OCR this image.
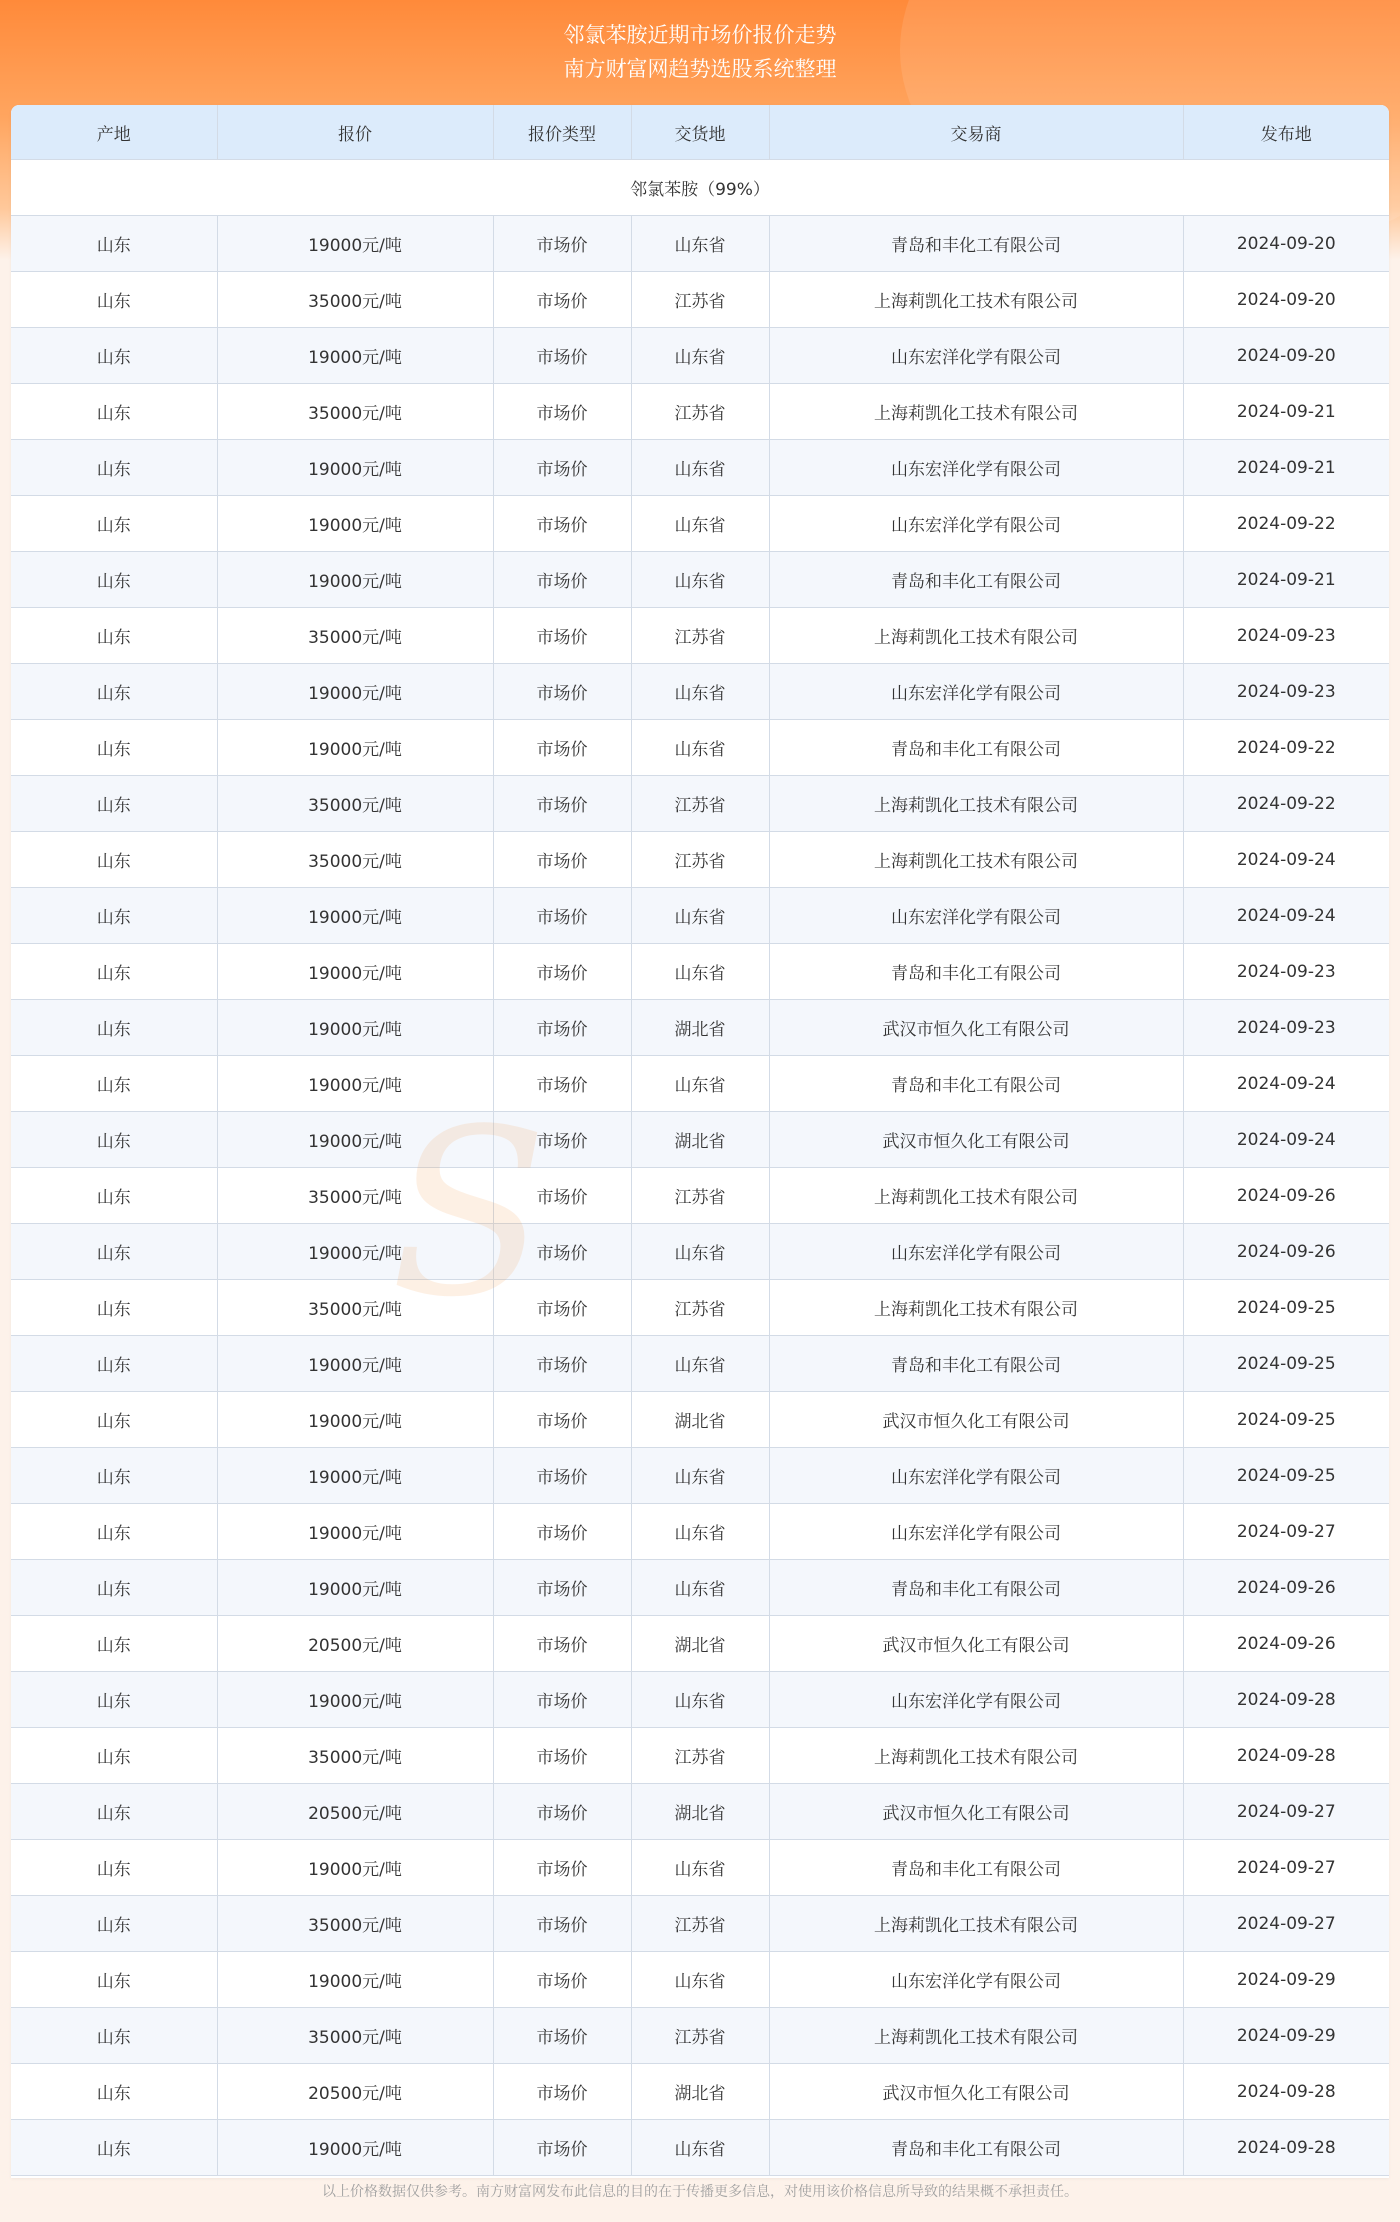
邻氯苯胺近期市场价报价走势
南方财富网趋势选股系统整理
产地	报价	报价类型	交货地	交易商	发布地
邻氯苯胺（99%）					
山东	19000元/吨	市场价	山东省	青岛和丰化工有限公司	2024-09-20
山东	35000元/吨	市场价	江苏省	上海莉凯化工技术有限公司	2024-09-20
山东	19000元/吨	市场价	山东省	山东宏洋化学有限公司	2024-09-20
山东	35000元/吨	市场价	江苏省	上海莉凯化工技术有限公司	2024-09-21
山东	19000元/吨	市场价	山东省	山东宏洋化学有限公司	2024-09-21
山东	19000元/吨	市场价	山东省	山东宏洋化学有限公司	2024-09-22
山东	19000元/吨	市场价	山东省	青岛和丰化工有限公司	2024-09-21
山东	35000元/吨	市场价	江苏省	上海莉凯化工技术有限公司	2024-09-23
山东	19000元/吨	市场价	山东省	山东宏洋化学有限公司	2024-09-23
山东	19000元/吨	市场价	山东省	青岛和丰化工有限公司	2024-09-22
山东	35000元/吨	市场价	江苏省	上海莉凯化工技术有限公司	2024-09-22
山东	35000元/吨	市场价	江苏省	上海莉凯化工技术有限公司	2024-09-24
山东	19000元/吨	市场价	山东省	山东宏洋化学有限公司	2024-09-24
山东	19000元/吨	市场价	山东省	青岛和丰化工有限公司	2024-09-23
山东	19000元/吨	市场价	湖北省	武汉市恒久化工有限公司	2024-09-23
山东	19000元/吨	市场价	山东省	青岛和丰化工有限公司	2024-09-24
山东	19000元/吨	市场价	湖北省	武汉市恒久化工有限公司	2024-09-24
山东	35000元/吨	市场价	江苏省	上海莉凯化工技术有限公司	2024-09-26
山东	19000元/吨	市场价	山东省	山东宏洋化学有限公司	2024-09-26
山东	35000元/吨	市场价	江苏省	上海莉凯化工技术有限公司	2024-09-25
山东	19000元/吨	市场价	山东省	青岛和丰化工有限公司	2024-09-25
山东	19000元/吨	市场价	湖北省	武汉市恒久化工有限公司	2024-09-25
山东	19000元/吨	市场价	山东省	山东宏洋化学有限公司	2024-09-25
山东	19000元/吨	市场价	山东省	山东宏洋化学有限公司	2024-09-27
山东	19000元/吨	市场价	山东省	青岛和丰化工有限公司	2024-09-26
山东	20500元/吨	市场价	湖北省	武汉市恒久化工有限公司	2024-09-26
山东	19000元/吨	市场价	山东省	山东宏洋化学有限公司	2024-09-28
山东	35000元/吨	市场价	江苏省	上海莉凯化工技术有限公司	2024-09-28
山东	20500元/吨	市场价	湖北省	武汉市恒久化工有限公司	2024-09-27
山东	19000元/吨	市场价	山东省	青岛和丰化工有限公司	2024-09-27
山东	35000元/吨	市场价	江苏省	上海莉凯化工技术有限公司	2024-09-27
山东	19000元/吨	市场价	山东省	山东宏洋化学有限公司	2024-09-29
山东	35000元/吨	市场价	江苏省	上海莉凯化工技术有限公司	2024-09-29
山东	20500元/吨	市场价	湖北省	武汉市恒久化工有限公司	2024-09-28
山东	19000元/吨	市场价	山东省	青岛和丰化工有限公司	2024-09-28
以上价格数据仅供参考。南方财富网发布此信息的目的在于传播更多信息，对使用该价格信息所导致的结果概不承担责任。
